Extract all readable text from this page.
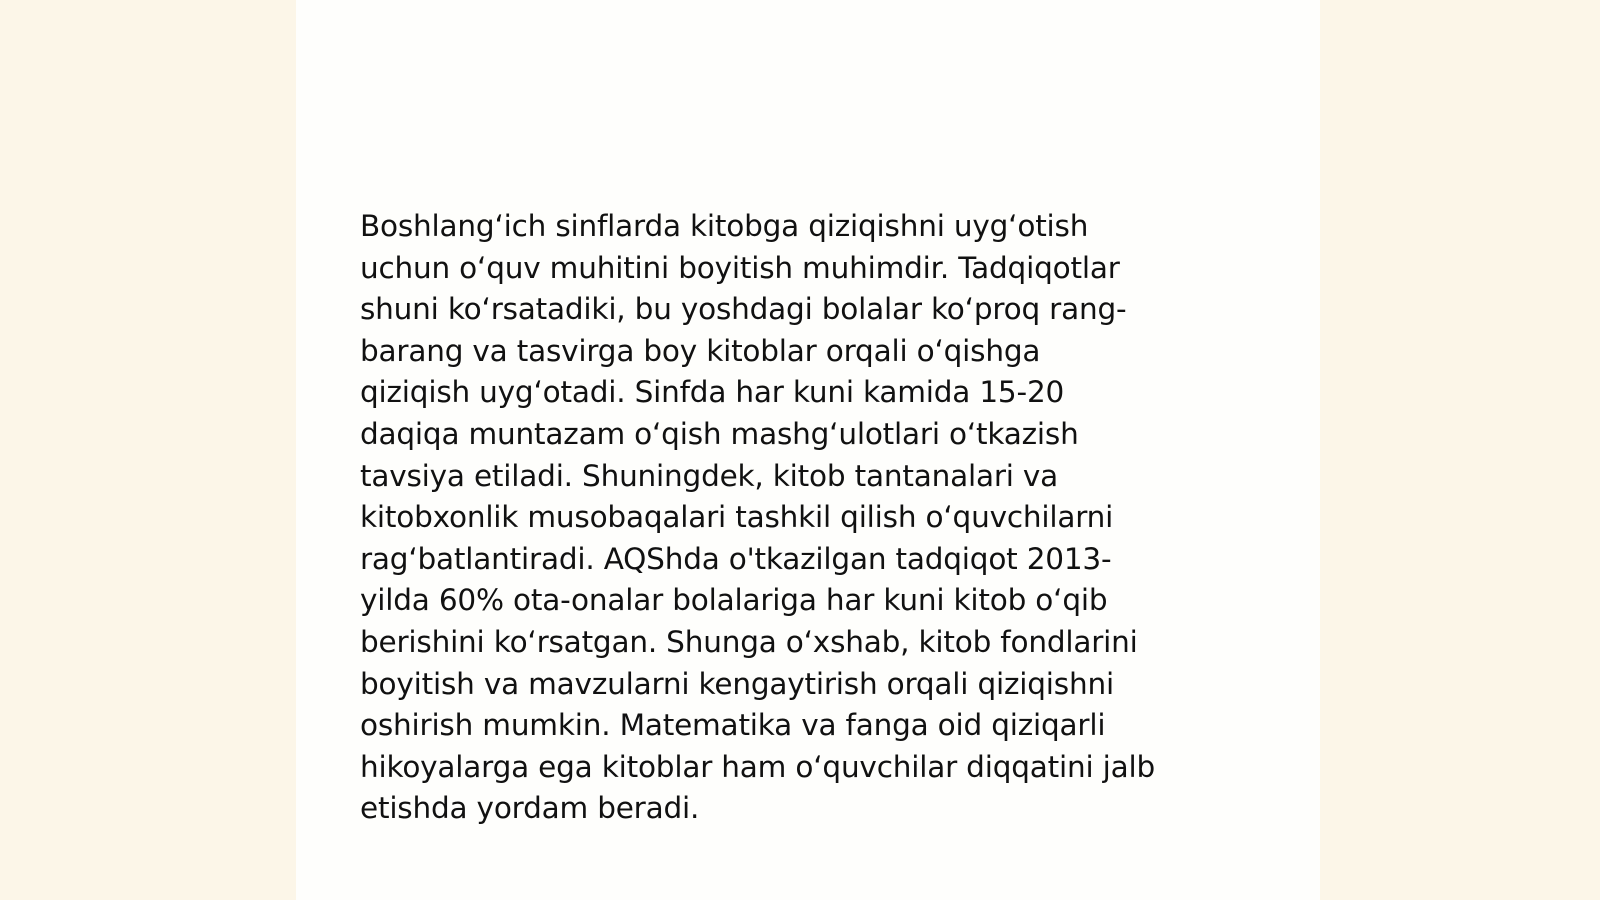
Boshlang‘ich sinflarda kitobga qiziqishni uyg‘otish
uchun o‘quv muhitini boyitish muhimdir. Tadqiqotlar
shuni ko‘rsatadiki, bu yoshdagi bolalar ko‘proq rang-
barang va tasvirga boy kitoblar orqali o‘qishga
qiziqish uyg‘otadi. Sinfda har kuni kamida 15-20
daqiqa muntazam o‘qish mashg‘ulotlari o‘tkazish
tavsiya etiladi. Shuningdek, kitob tantanalari va
kitobxonlik musobaqalari tashkil qilish o‘quvchilarni
rag‘batlantiradi. AQShda o'tkazilgan tadqiqot 2013-
yilda 60% ota-onalar bolalariga har kuni kitob o‘qib
berishini ko‘rsatgan. Shunga o‘xshab, kitob fondlarini
boyitish va mavzularni kengaytirish orqali qiziqishni
oshirish mumkin. Matematika va fanga oid qiziqarli
hikoyalarga ega kitoblar ham o‘quvchilar diqqatini jalb
etishda yordam beradi.
